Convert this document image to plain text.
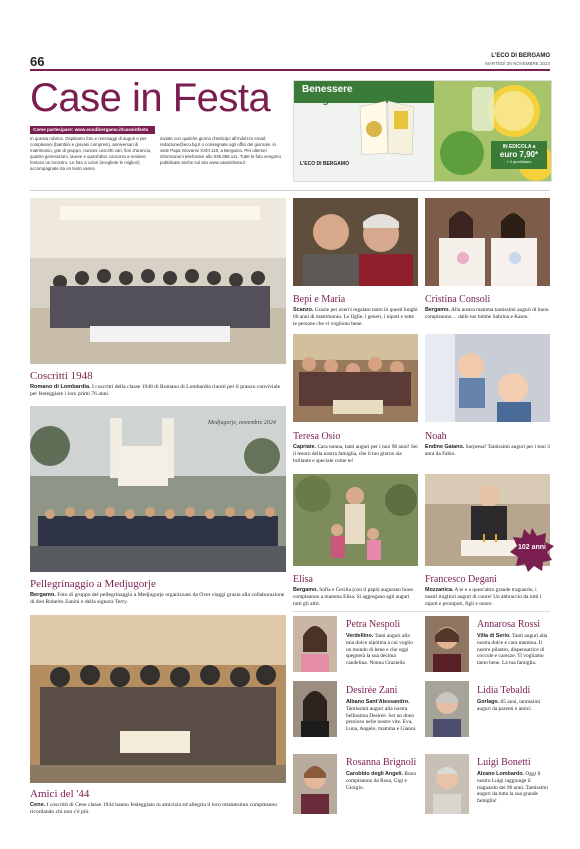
66	L'ECO DI BERGAMO
MARTEDÌ 26 NOVEMBRE 2024
Case in Festa
Come partecipare: www.ecodibergamo.it/caseinfesta
In questa rubrica. Ospitiamo foto e messaggi di auguri e per compleanni (bambini e giovani compresi), anniversari di matrimonio, gite di gruppo, riunioni coscritti vari, fiori d'arancio, quattro generazioni, lauree e quant'altro concorra a rendere festoso un incontro. Le foto a colori (scegliete le migliori) accompagnate da un testo vanno
inviate con qualche giorno d'anticipo all'indirizzo email: redazione@eco.bg.it o consegnate agli uffici del giornale, in viale Papa Giovanni XXIII 118, a Bergamo. Per ulteriori informazioni telefonare allo 035.386.111. Tutte le foto vengono pubblicate anche sul sito www.caseinfesta.it
Benessere
ad ogni sorso!
IN EDICOLA a
euro 7,90*
+ il quotidiano
L'ECO DI BERGAMO
Coscritti 1948
Romano di Lombardia. I coscritti della classe 1948 di Romano di Lombardia riuniti per il pranzo conviviale per festeggiare i loro primi 76 anni.
Medjugorje, novembre 2024
Pellegrinaggio a Medjugorje
Bergamo. Foto di gruppo del pellegrinaggio a Medjugorje organizzato da Ovet viaggi grazie alla collaborazione di don Roberto Zanini e della signora Terry.
Amici del '44
Cene. I coscritti di Cene classe 1944 hanno festeggiato in amicizia ed allegria il loro ottantesimo compleanno ricordando chi non c'è più.
Bepi e Maria
Scanzo. Grazie per averci regalato tanto in questi lunghi 60 anni di matrimonio. Le figlie, i generi, i nipoti e tutte le persone che vi vogliono bene.
Teresa Osio
Capriate. Cara nonna, tanti auguri per i tuoi 98 anni! Sei il tesoro della nostra famiglia, che il tuo giorno sia brillante e speciale come te!
Elisa
Bergamo. Sofia e Cecilia (con il papà) augurano buon compleanno a mamma Elisa. Si aggregano agli auguri tutti gli altri.
Petra Nespoli
Verdellino. Tanti auguri alla mia dolce nipotina a cui voglio un mondo di bene e che oggi spegnerà la sua decima candelina. Nonna Graziella
Desirée Zani
Albano Sant'Alessandro. Tantissimi auguri alla nostra bellissima Desirée. Sei un dono prezioso nelle nostre vite. Eva, Luna, Angelo, mamma e Gianni.
Rosanna Brignoli
Carobbio degli Angeli. Buon compleanno da Rosa, Gigi e Giorgio.
Cristina Consoli
Bergamo. Alla nostra mamma tantissimi auguri di buon compleanno… dalle tue bimbe Sabrina e Karen.
Noah
Endine Gaiano. Sorpresa! Tantissimi auguri per i tuoi 3 anni da Fabio.
102 anni
Francesco Degani
Mozzanica. A te e a quest'altro grande traguardo, i nostri migliori auguri di cuore! Un abbraccio da tutti i nipoti e pronipoti, figli e nuore.
Annarosa Rossi
Villa di Serio. Tanti auguri alla nostra dolce e cara mamma. Il nostro pilastro, dispensatrice di coccole e carezze. Ti vogliamo tanto bene. La tua famiglia.
Lidia Tebaldi
Gorlago. 85 anni, tantissimi auguri da parenti e amici.
Luigi Bonetti
Alzano Lombardo. Oggi il nostro Luigi raggiunge il traguardo dei 90 anni. Tantissimi auguri da tutta la sua grande famiglia!
